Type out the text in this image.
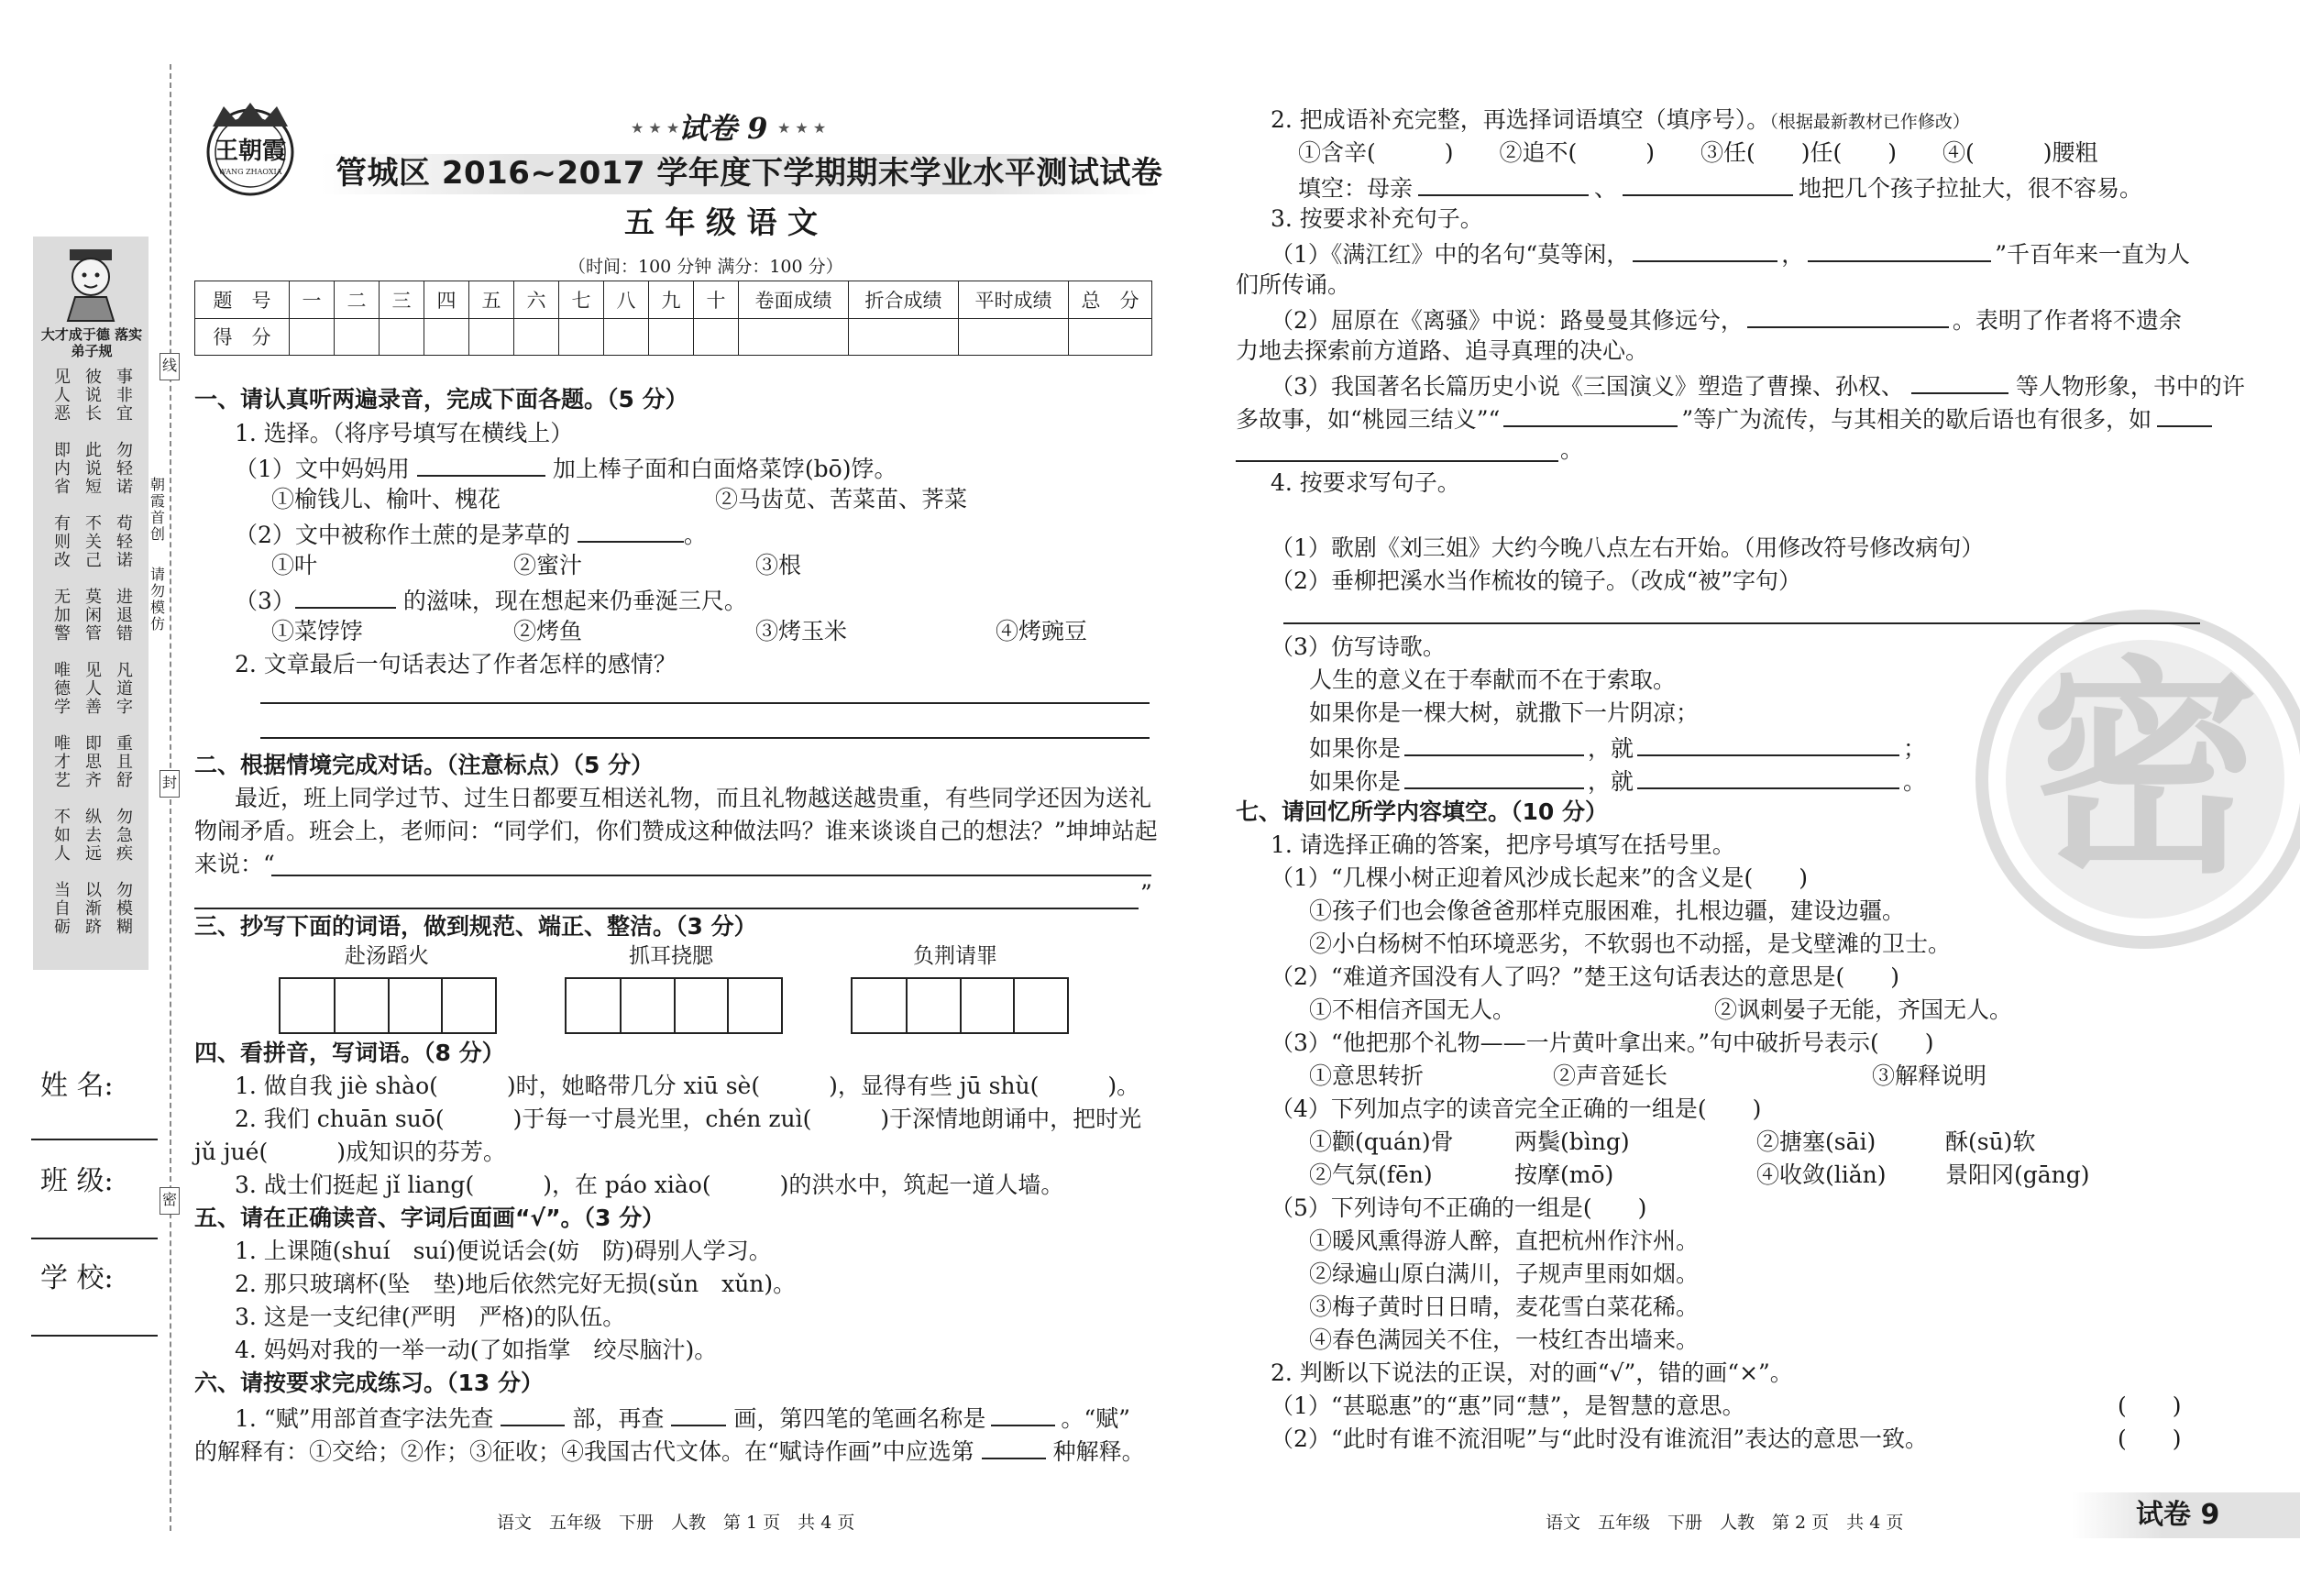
大才成于德 落实弟子规
见人恶
彼说长
事非宜
即内省
此说短
勿轻诺
有则改
不关己
苟轻诺
无加警
莫闲管
进退错
唯德学
见人善
凡道字
唯才艺
即思齐
重且舒
不如人
纵去远
勿急疾
当自砺
以渐跻
勿模糊
朝霞首创
请勿模仿
线
封
密
姓 名:
班 级:
学 校:
王朝霞
WANG ZHAOXIA
★ ★ ★
试卷 9 ★ ★ ★
管城区 2016~2017 学年度下学期期末学业水平测试试卷
五 年 级 语 文
（时间：100 分钟 满分：100 分）
题　号	一	二	三	四	五	六	七	八	九	十	卷面成绩	折合成绩	平时成绩	总　分
得　分														
一、请认真听两遍录音，完成下面各题。（5 分）
1. 选择。（将序号填写在横线上）
（1）文中妈妈用	加上棒子面和白面烙菜饽(bō)饽。
①榆钱儿、榆叶、槐花	②马齿苋、苦菜苗、荠菜
（2）文中被称作土蔗的是茅草的	。
①叶	②蜜汁	③根
（3）	的滋味，现在想起来仍垂涎三尺。
①菜饽饽	②烤鱼	③烤玉米	④烤豌豆
2. 文章最后一句话表达了作者怎样的感情？
二、根据情境完成对话。（注意标点）（5 分）
最近，班上同学过节、过生日都要互相送礼物，而且礼物越送越贵重，有些同学还因为送礼
物闹矛盾。班会上，老师问：“同学们，你们赞成这种做法吗？谁来谈谈自己的想法？”坤坤站起
来说：“
”
三、抄写下面的词语，做到规范、端正、整洁。（3 分）
赴汤蹈火	抓耳挠腮	负荆请罪
四、看拼音，写词语。（8 分）
1. 做自我 jiè shào(　　　)时，她略带几分 xiū sè(　　　)，显得有些 jū shù(　　　)。
2. 我们 chuān suō(　　　)于每一寸晨光里，chén zuì(　　　)于深情地朗诵中，把时光
jǔ jué(　　　)成知识的芬芳。
3. 战士们挺起 jǐ liang(　　　)，在 páo xiào(　　　)的洪水中，筑起一道人墙。
五、请在正确读音、字词后面画“√”。（3 分）
1. 上课随(shuí　suí)便说话会(妨　防)碍别人学习。
2. 那只玻璃杯(坠　垫)地后依然完好无损(sǔn　xǔn)。
3. 这是一支纪律(严明　严格)的队伍。
4. 妈妈对我的一举一动(了如指掌　绞尽脑汁)。
六、请按要求完成练习。（13 分）
1. “赋”用部首查字法先查	部，再查	画，第四笔的笔画名称是	。“赋”
的解释有：①交给；②作；③征收；④我国古代文体。在“赋诗作画”中应选第	种解释。
语文　五年级　下册　人教　第 1 页　共 4 页
密
2. 把成语补充完整，再选择词语填空（填序号）。（根据最新教材已作修改）
①含辛(　　　)　　②追不(　　　)　　③任(　　)任(　　)　　④(　　　)腰粗
填空：母亲	、	地把几个孩子拉扯大，很不容易。
3. 按要求补充句子。
（1）《满江红》中的名句“莫等闲，	，	”千百年来一直为人
们所传诵。
（2）屈原在《离骚》中说：路曼曼其修远兮，	。表明了作者将不遗余
力地去探索前方道路、追寻真理的决心。
（3）我国著名长篇历史小说《三国演义》塑造了曹操、孙权、	等人物形象，书中的许
多故事，如“桃园三结义”“	”等广为流传，与其相关的歇后语也有很多，如
。
4. 按要求写句子。
（1）歌剧《刘三姐》大约今晚八点左右开始。（用修改符号修改病句）
（2）垂柳把溪水当作梳妆的镜子。（改成“被”字句）
（3）仿写诗歌。
人生的意义在于奉献而不在于索取。
如果你是一棵大树，就撒下一片阴凉；
如果你是	，就	；
如果你是	，就	。
七、请回忆所学内容填空。（10 分）
1. 请选择正确的答案，把序号填写在括号里。
（1）“几棵小树正迎着风沙成长起来”的含义是(　　)
①孩子们也会像爸爸那样克服困难，扎根边疆，建设边疆。
②小白杨树不怕环境恶劣，不软弱也不动摇，是戈壁滩的卫士。
（2）“难道齐国没有人了吗？”楚王这句话表达的意思是(　　)
①不相信齐国无人。	②讽刺晏子无能，齐国无人。
（3）“他把那个礼物——一片黄叶拿出来。”句中破折号表示(　　)
①意思转折	②声音延长	③解释说明
（4）下列加点字的读音完全正确的一组是(　　)
①颧(quán)骨	两鬓(bìng)	②搪塞(sāi)	酥(sū)软
②气氛(fēn)	按摩(mō)	④收敛(liǎn)	景阳冈(gāng)
（5）下列诗句不正确的一组是(　　)
①暖风熏得游人醉，直把杭州作汴州。
②绿遍山原白满川，子规声里雨如烟。
③梅子黄时日日晴，麦花雪白菜花稀。
④春色满园关不住，一枝红杏出墙来。
2. 判断以下说法的正误，对的画“√”，错的画“×”。
（1）“甚聪惠”的“惠”同“慧”，是智慧的意思。	(　　)
（2）“此时有谁不流泪呢”与“此时没有谁流泪”表达的意思一致。	(　　)
语文　五年级　下册　人教　第 2 页　共 4 页	试卷 9
